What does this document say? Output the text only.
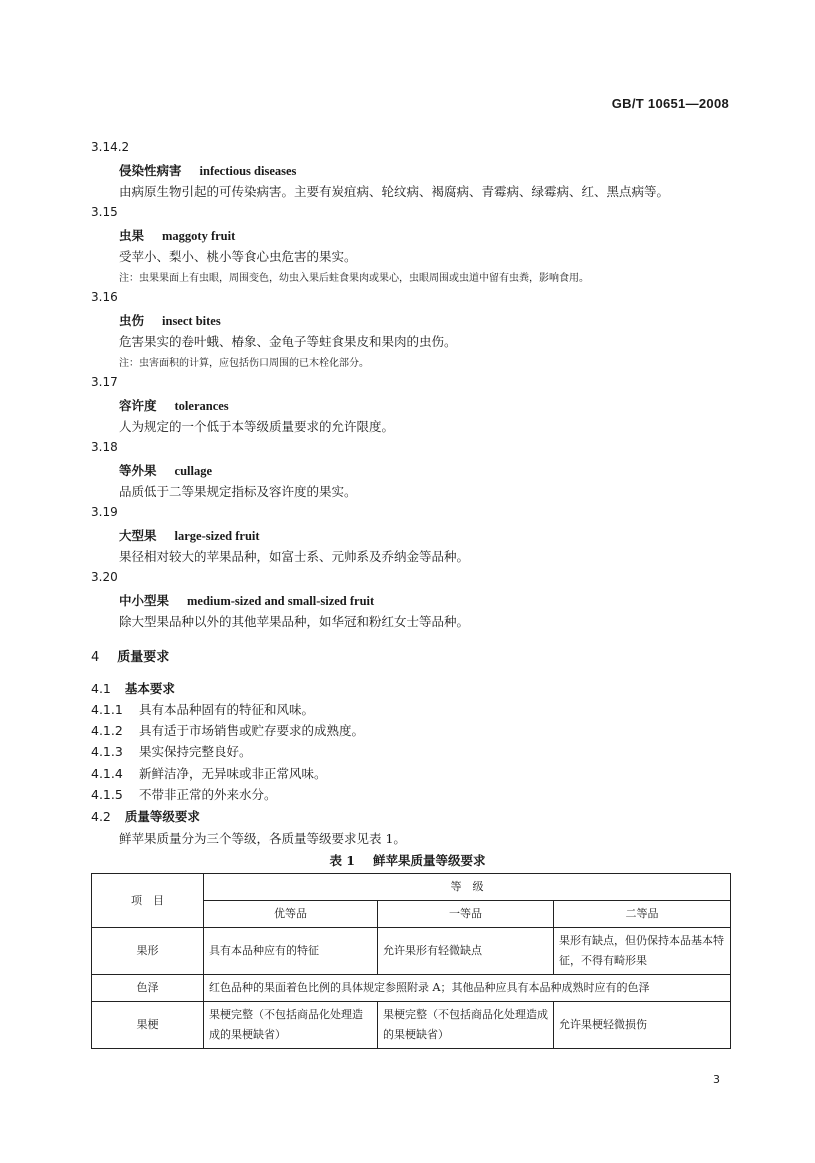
GB/T 10651—2008
3.14.2
侵染性病害 infectious diseases
由病原生物引起的可传染病害。主要有炭疽病、轮纹病、褐腐病、青霉病、绿霉病、红、黑点病等。
3.15
虫果 maggoty fruit
受苹小、梨小、桃小等食心虫危害的果实。
注：虫果果面上有虫眼，周围变色，幼虫入果后蛀食果肉或果心，虫眼周围或虫道中留有虫粪，影响食用。
3.16
虫伤 insect bites
危害果实的卷叶蛾、椿象、金龟子等蛀食果皮和果肉的虫伤。
注：虫害面积的计算，应包括伤口周围的已木栓化部分。
3.17
容许度 tolerances
人为规定的一个低于本等级质量要求的允许限度。
3.18
等外果 cullage
品质低于二等果规定指标及容许度的果实。
3.19
大型果 large-sized fruit
果径相对较大的苹果品种，如富士系、元帅系及乔纳金等品种。
3.20
中小型果 medium-sized and small-sized fruit
除大型果品种以外的其他苹果品种，如华冠和粉红女士等品种。
4 质量要求
4.1 基本要求
4.1.1 具有本品种固有的特征和风味。
4.1.2 具有适于市场销售或贮存要求的成熟度。
4.1.3 果实保持完整良好。
4.1.4 新鲜洁净，无异味或非正常风味。
4.1.5 不带非正常的外来水分。
4.2 质量等级要求
鲜苹果质量分为三个等级，各质量等级要求见表 1。
表 1 鲜苹果质量等级要求
项　目	等　级		
	优等品	一等品	二等品
果形	具有本品种应有的特征	允许果形有轻微缺点	果形有缺点，但仍保持本品基本特征，不得有畸形果
色泽	红色品种的果面着色比例的具体规定参照附录 A；其他品种应具有本品种成熟时应有的色泽		
果梗	果梗完整（不包括商品化处理造成的果梗缺省）	果梗完整（不包括商品化处理造成的果梗缺省）	允许果梗轻微损伤
3
